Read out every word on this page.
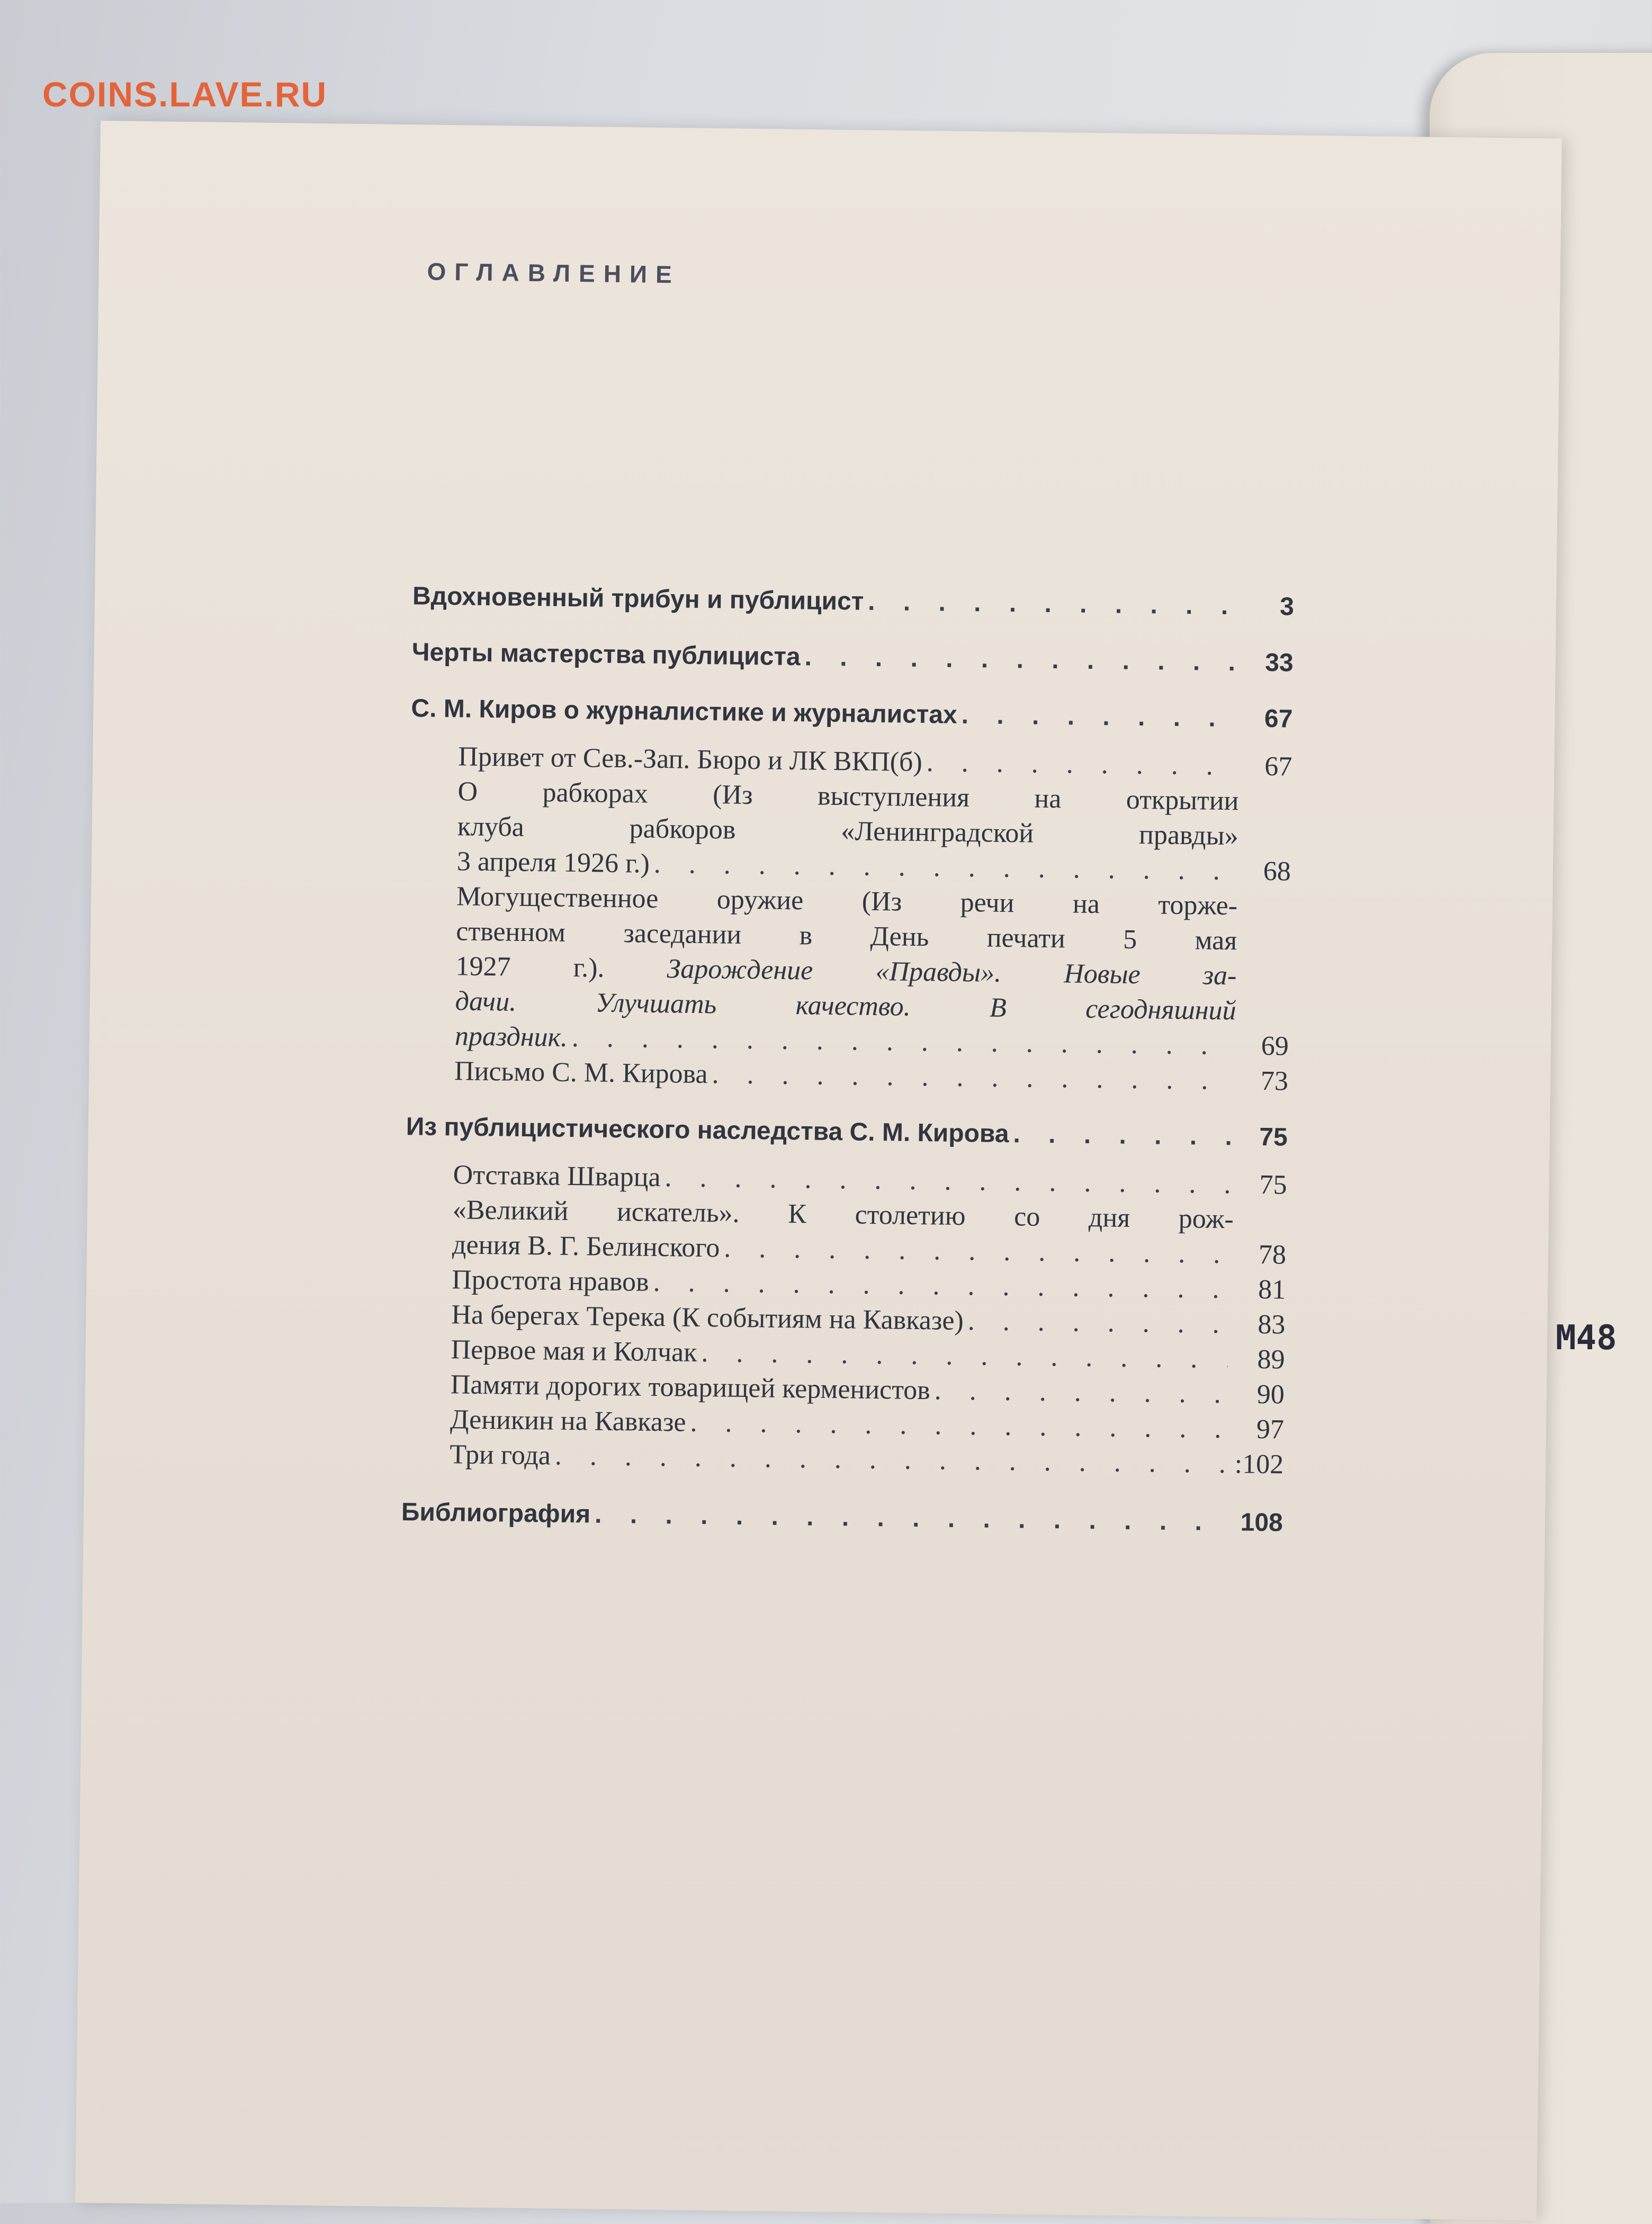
COINS.LAVE.RU
М48
ОГЛАВЛЕНИЕ
Вдохновенный трибун и публицист . . .	3
Черты мастерства публициста . . .	33
С. М. Киров о журналистике и журналистах . . .	67
Привет от Сев.-Зап. Бюро и ЛК ВКП(б) . . .	67
О рабкорах (Из выступления на открытии
клуба рабкоров «Ленинградской правды»
3 апреля 1926 г.) . . .	68
Могущественное оружие (Из речи на торже-
ственном заседании в День печати 5 мая
1927 г.). Зарождение «Правды». Новые за-
дачи. Улучшать качество. В сегодняшний
праздник. . . .	69
Письмо С. М. Кирова . . .	73
Из публицистического наследства С. М. Кирова . . .	75
Отставка Шварца . . .	75
«Великий искатель». К столетию со дня рож-
дения В. Г. Белинского . . .	78
Простота нравов . . .	81
На берегах Терека (К событиям на Кавказе) . . .	83
Первое мая и Колчак . . .	89
Памяти дорогих товарищей керменистов . . .	90
Деникин на Кавказе . . .	97
Три года . . .	:102
Библиография . . .	108
